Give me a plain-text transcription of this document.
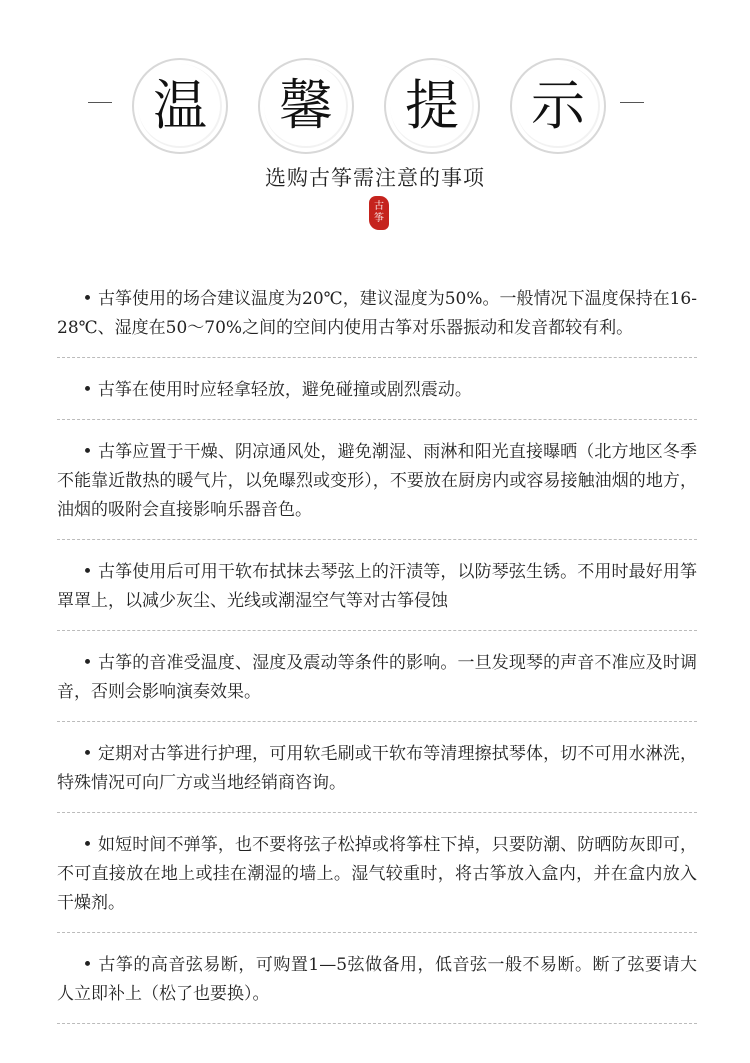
温 馨 提 示
选购古筝需注意的事项
古
筝
• 古筝使用的场合建议温度为20℃，建议湿度为50%。一般情况下温度保持在16-28℃、湿度在50～70%之间的空间内使用古筝对乐器振动和发音都较有利。
• 古筝在使用时应轻拿轻放，避免碰撞或剧烈震动。
• 古筝应置于干燥、阴凉通风处，避免潮湿、雨淋和阳光直接曝晒（北方地区冬季不能靠近散热的暖气片，以免曝烈或变形），不要放在厨房内或容易接触油烟的地方，油烟的吸附会直接影响乐器音色。
• 古筝使用后可用干软布拭抹去琴弦上的汗渍等，以防琴弦生锈。不用时最好用筝罩罩上，以减少灰尘、光线或潮湿空气等对古筝侵蚀
• 古筝的音准受温度、湿度及震动等条件的影响。一旦发现琴的声音不准应及时调音，否则会影响演奏效果。
• 定期对古筝进行护理，可用软毛刷或干软布等清理擦拭琴体，切不可用水淋洗，特殊情况可向厂方或当地经销商咨询。
• 如短时间不弹筝，也不要将弦子松掉或将筝柱下掉，只要防潮、防晒防灰即可，不可直接放在地上或挂在潮湿的墙上。湿气较重时，将古筝放入盒内，并在盒内放入干燥剂。
• 古筝的高音弦易断，可购置1—5弦做备用，低音弦一般不易断。断了弦要请大人立即补上（松了也要换）。
